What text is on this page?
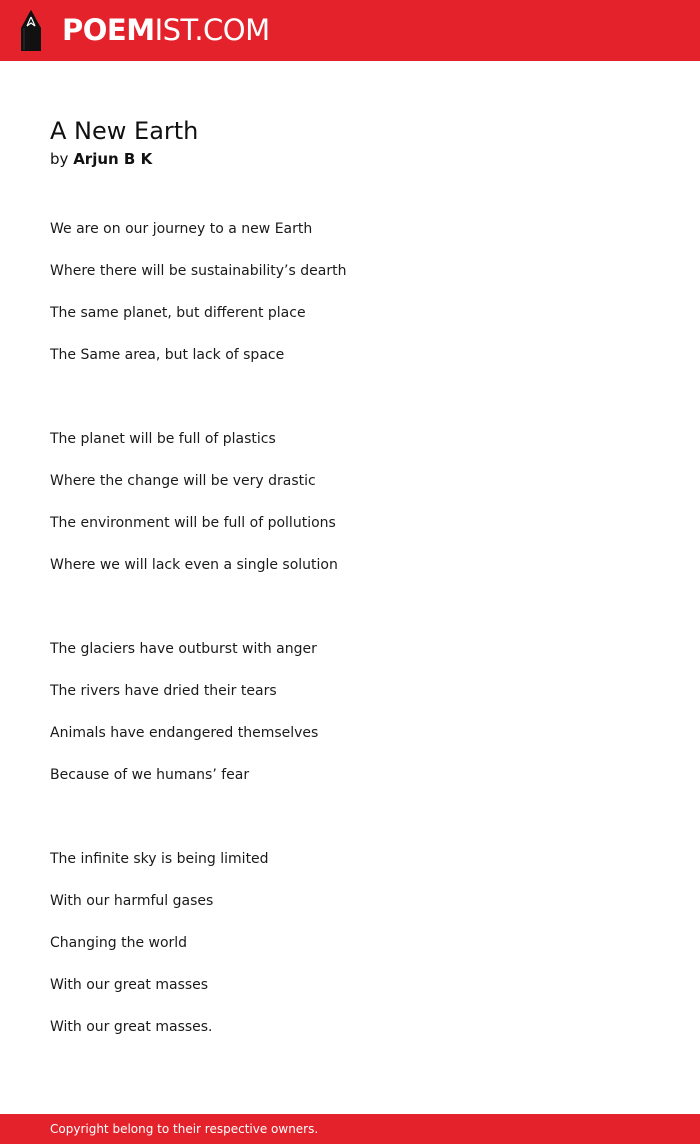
POEMIST.COM
A New Earth
by Arjun B K
We are on our journey to a new Earth
Where there will be sustainability’s dearth
The same planet, but different place
The Same area, but lack of space
The planet will be full of plastics
Where the change will be very drastic
The environment will be full of pollutions
Where we will lack even a single solution
The glaciers have outburst with anger
The rivers have dried their tears
Animals have endangered themselves
Because of we humans’ fear
The infinite sky is being limited
With our harmful gases
Changing the world
With our great masses
With our great masses.
Copyright belong to their respective owners.
